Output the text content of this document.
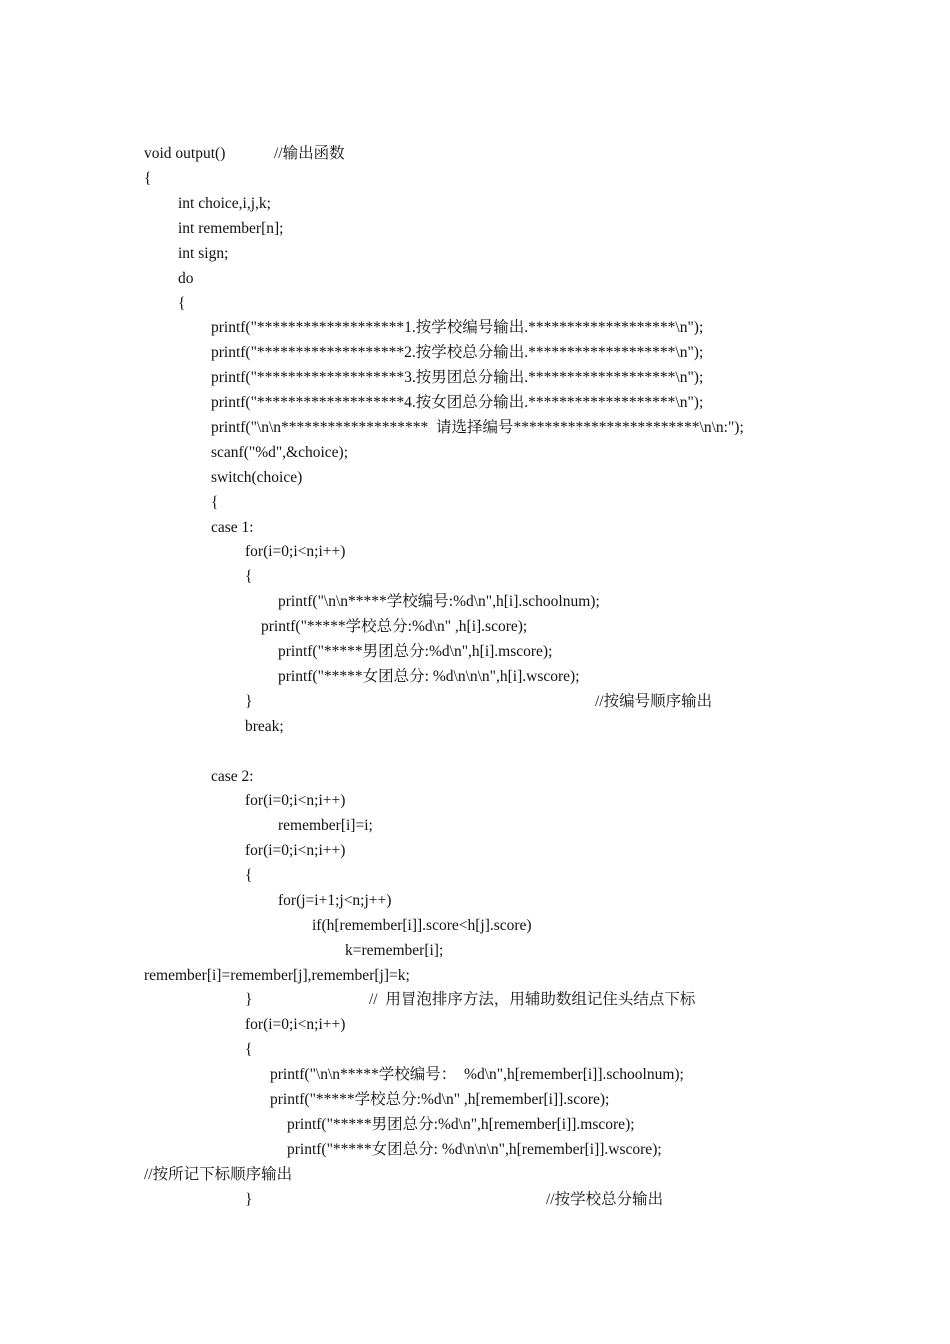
void output()	//输出函数
{
int choice,i,j,k;
int remember[n];
int sign;
do
{
printf("*******************1.按学校编号输出.*******************\n");
printf("*******************2.按学校总分输出.*******************\n");
printf("*******************3.按男团总分输出.*******************\n");
printf("*******************4.按女团总分输出.*******************\n");
printf("\n\n*******************  请选择编号************************\n\n:");
scanf("%d",&choice);
switch(choice)
{
case 1:
for(i=0;i<n;i++)
{
printf("\n\n*****学校编号:%d\n",h[i].schoolnum);
printf("*****学校总分:%d\n" ,h[i].score);
printf("*****男团总分:%d\n",h[i].mscore);
printf("*****女团总分: %d\n\n\n",h[i].wscore);
}	//按编号顺序输出
break;
case 2:
for(i=0;i<n;i++)
remember[i]=i;
for(i=0;i<n;i++)
{
for(j=i+1;j<n;j++)
if(h[remember[i]].score<h[j].score)
k=remember[i];
remember[i]=remember[j],remember[j]=k;
}	//  用冒泡排序方法，用辅助数组记住头结点下标
for(i=0;i<n;i++)
{
printf("\n\n*****学校编号：  %d\n",h[remember[i]].schoolnum);
printf("*****学校总分:%d\n" ,h[remember[i]].score);
printf("*****男团总分:%d\n",h[remember[i]].mscore);
printf("*****女团总分: %d\n\n\n",h[remember[i]].wscore);
//按所记下标顺序输出
}	//按学校总分输出
